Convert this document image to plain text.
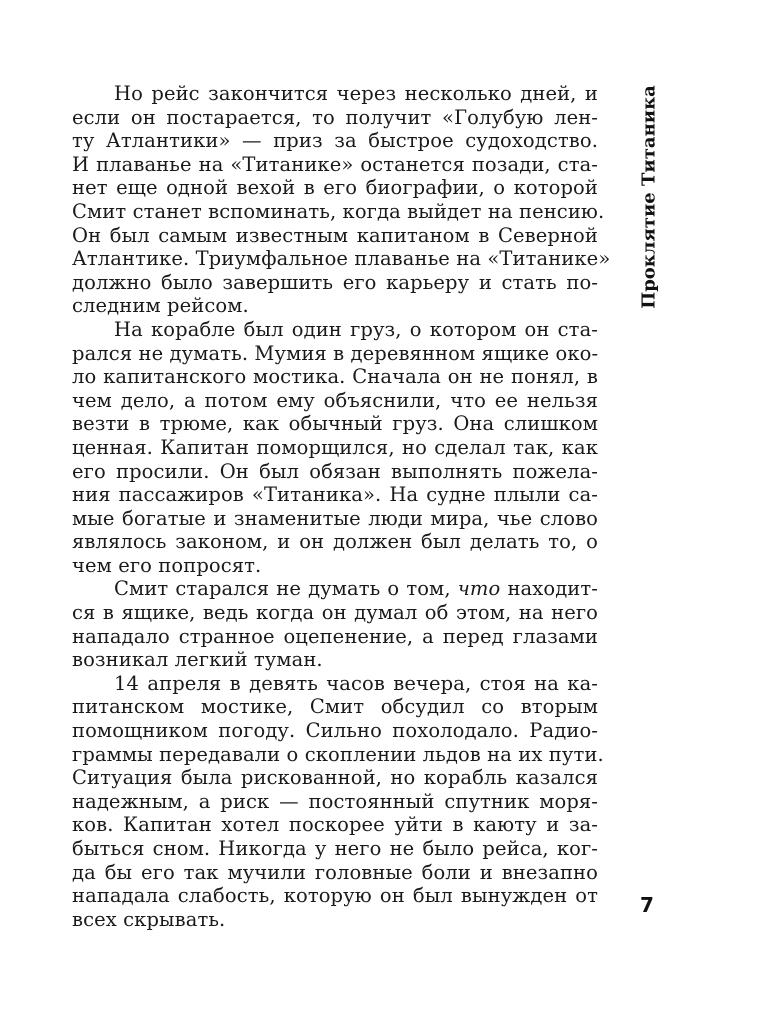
Но рейс закончится через несколько дней, и
если он постарается, то получит «Голубую лен-
ту Атлантики» — приз за быстрое судоходство.
И плаванье на «Титанике» останется позади, ста-
нет еще одной вехой в его биографии, о которой
Смит станет вспоминать, когда выйдет на пенсию.
Он был самым известным капитаном в Северной
Атлантике. Триумфальное плаванье на «Титанике»
должно было завершить его карьеру и стать по-
следним рейсом.
На корабле был один груз, о котором он ста-
рался не думать. Мумия в деревянном ящике око-
ло капитанского мостика. Сначала он не понял, в
чем дело, а потом ему объяснили, что ее нельзя
везти в трюме, как обычный груз. Она слишком
ценная. Капитан поморщился, но сделал так, как
его просили. Он был обязан выполнять пожела-
ния пассажиров «Титаника». На судне плыли са-
мые богатые и знаменитые люди мира, чье слово
являлось законом, и он должен был делать то, о
чем его попросят.
Смит старался не думать о том, что находит-
ся в ящике, ведь когда он думал об этом, на него
нападало странное оцепенение, а перед глазами
возникал легкий туман.
14 апреля в девять часов вечера, стоя на ка-
питанском мостике, Смит обсудил со вторым
помощником погоду. Сильно похолодало. Радио-
граммы передавали о скоплении льдов на их пути.
Ситуация была рискованной, но корабль казался
надежным, а риск — постоянный спутник моря-
ков. Капитан хотел поскорее уйти в каюту и за-
быться сном. Никогда у него не было рейса, ког-
да бы его так мучили головные боли и внезапно
нападала слабость, которую он был вынужден от
всех скрывать.
Проклятие Титаника
7
